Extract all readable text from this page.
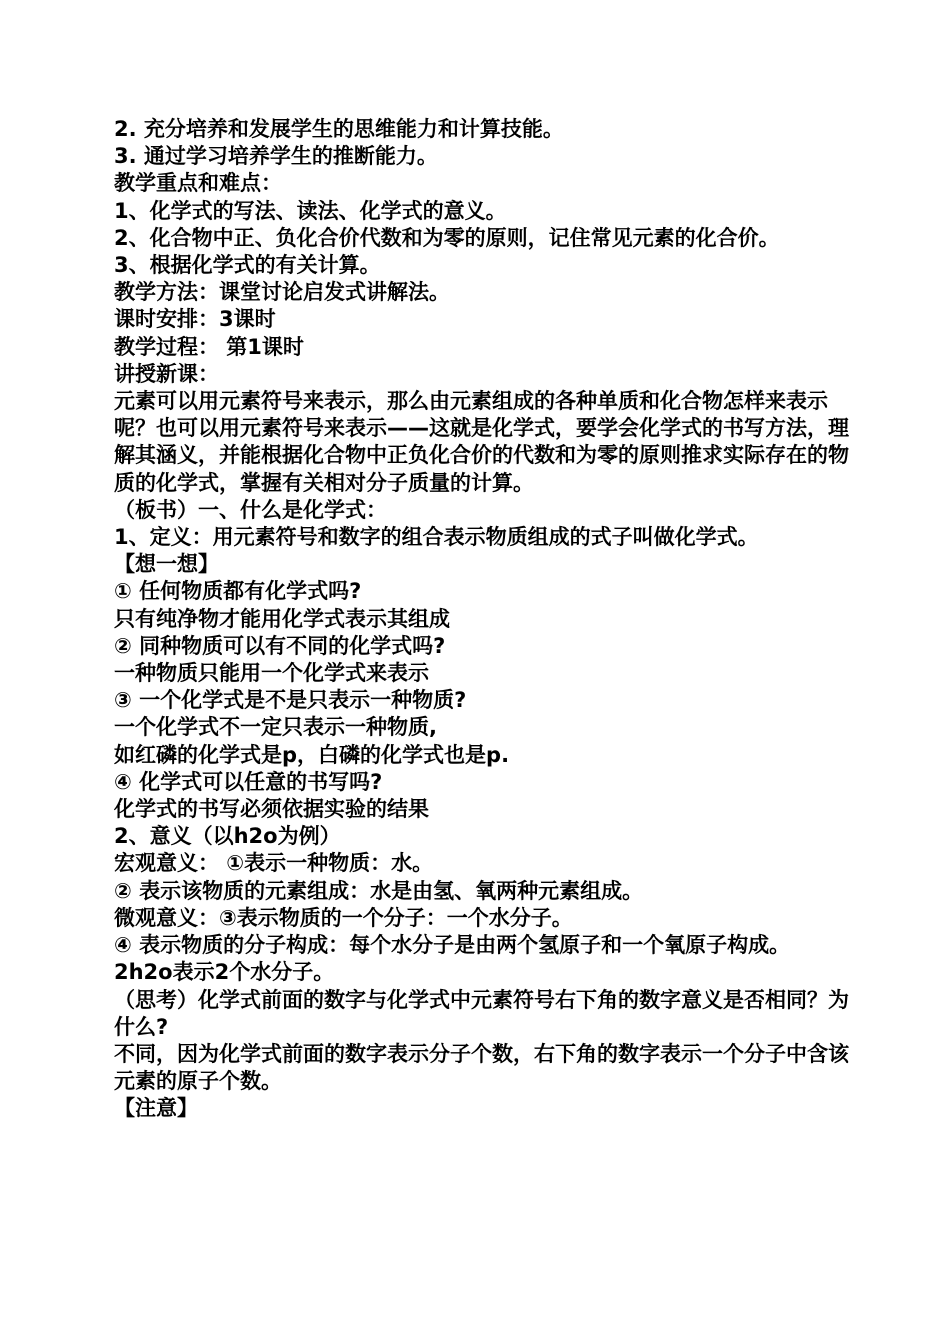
2. 充分培养和发展学生的思维能力和计算技能。
3. 通过学习培养学生的推断能力。
教学重点和难点：
1、化学式的写法、读法、化学式的意义。
2、化合物中正、负化合价代数和为零的原则，记住常见元素的化合价。
3、根据化学式的有关计算。
教学方法：课堂讨论启发式讲解法。
课时安排：3课时
教学过程： 第1课时
讲授新课：
元素可以用元素符号来表示，那么由元素组成的各种单质和化合物怎样来表示呢？也可以用元素符号来表示——这就是化学式，要学会化学式的书写方法，理解其涵义，并能根据化合物中正负化合价的代数和为零的原则推求实际存在的物质的化学式，掌握有关相对分子质量的计算。
（板书）一、什么是化学式：
1、定义：用元素符号和数字的组合表示物质组成的式子叫做化学式。
【想一想】
① 任何物质都有化学式吗?
只有纯净物才能用化学式表示其组成
② 同种物质可以有不同的化学式吗?
一种物质只能用一个化学式来表示
③ 一个化学式是不是只表示一种物质?
一个化学式不一定只表示一种物质,
如红磷的化学式是p，白磷的化学式也是p.
④ 化学式可以任意的书写吗?
化学式的书写必须依据实验的结果
2、意义（以h2o为例）
宏观意义： ①表示一种物质：水。
② 表示该物质的元素组成：水是由氢、氧两种元素组成。
微观意义：③表示物质的一个分子：一个水分子。
④ 表示物质的分子构成：每个水分子是由两个氢原子和一个氧原子构成。
2h2o表示2个水分子。
（思考）化学式前面的数字与化学式中元素符号右下角的数字意义是否相同？为什么?
不同，因为化学式前面的数字表示分子个数，右下角的数字表示一个分子中含该元素的原子个数。
【注意】
